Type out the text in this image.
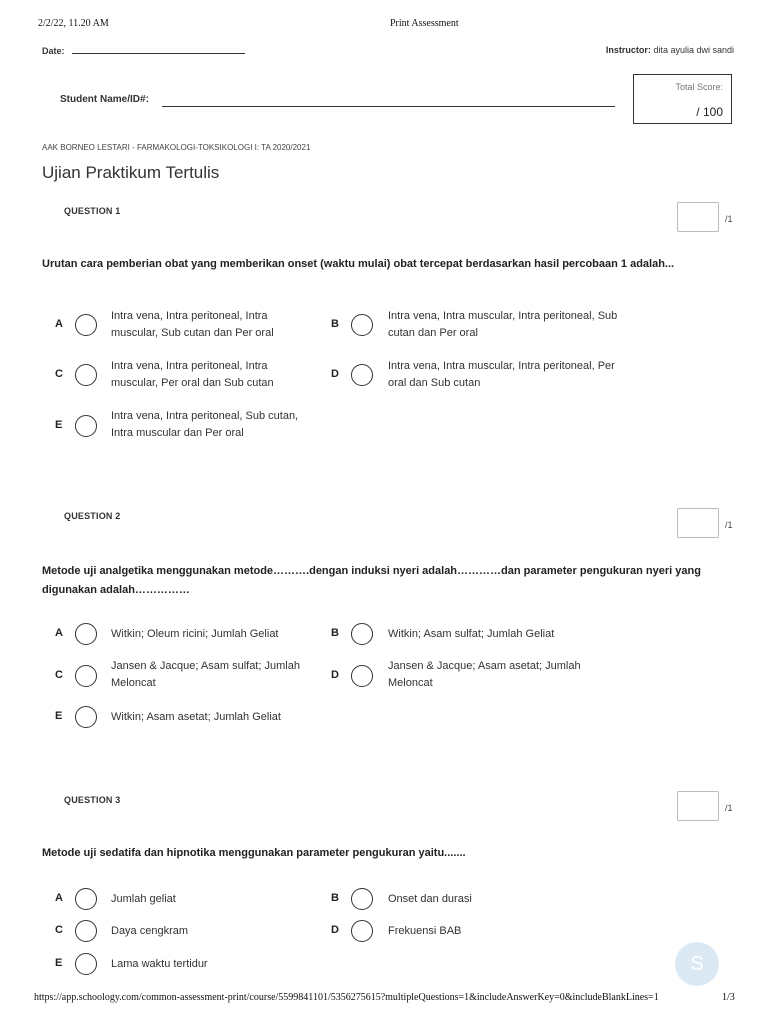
2/2/22, 11.20 AM	Print Assessment
Date:	Instructor: dita ayulia dwi sandi
Student Name/ID#:
Total Score:
/ 100
AAK BORNEO LESTARI - FARMAKOLOGI-TOKSIKOLOGI I: TA 2020/2021
Ujian Praktikum Tertulis
QUESTION 1
/1
Urutan cara pemberian obat yang memberikan onset (waktu mulai) obat tercepat berdasarkan hasil percobaan 1 adalah...
A
Intra vena, Intra peritoneal, Intra muscular, Sub cutan dan Per oral
B
Intra vena, Intra muscular, Intra peritoneal, Sub cutan dan Per oral
C
Intra vena, Intra peritoneal, Intra muscular, Per oral dan Sub cutan
D
Intra vena, Intra muscular, Intra peritoneal, Per oral dan Sub cutan
E
Intra vena, Intra peritoneal, Sub cutan, Intra muscular dan Per oral
QUESTION 2
/1
Metode uji analgetika menggunakan metode……….dengan induksi nyeri adalah…………dan parameter pengukuran nyeri yang digunakan adalah……………
A	Witkin; Oleum ricini; Jumlah Geliat	B	Witkin; Asam sulfat; Jumlah Geliat
C
Jansen & Jacque; Asam sulfat; Jumlah Meloncat
D
Jansen & Jacque; Asam asetat; Jumlah Meloncat
E	Witkin; Asam asetat; Jumlah Geliat
QUESTION 3
/1
Metode uji sedatifa dan hipnotika menggunakan parameter pengukuran yaitu.......
A	Jumlah geliat	B	Onset dan durasi
C	Daya cengkram	D	Frekuensi BAB
E	Lama waktu tertidur	S
https://app.schoology.com/common-assessment-print/course/5599841101/5356275615?multipleQuestions=1&includeAnswerKey=0&includeBlankLines=1	1/3
